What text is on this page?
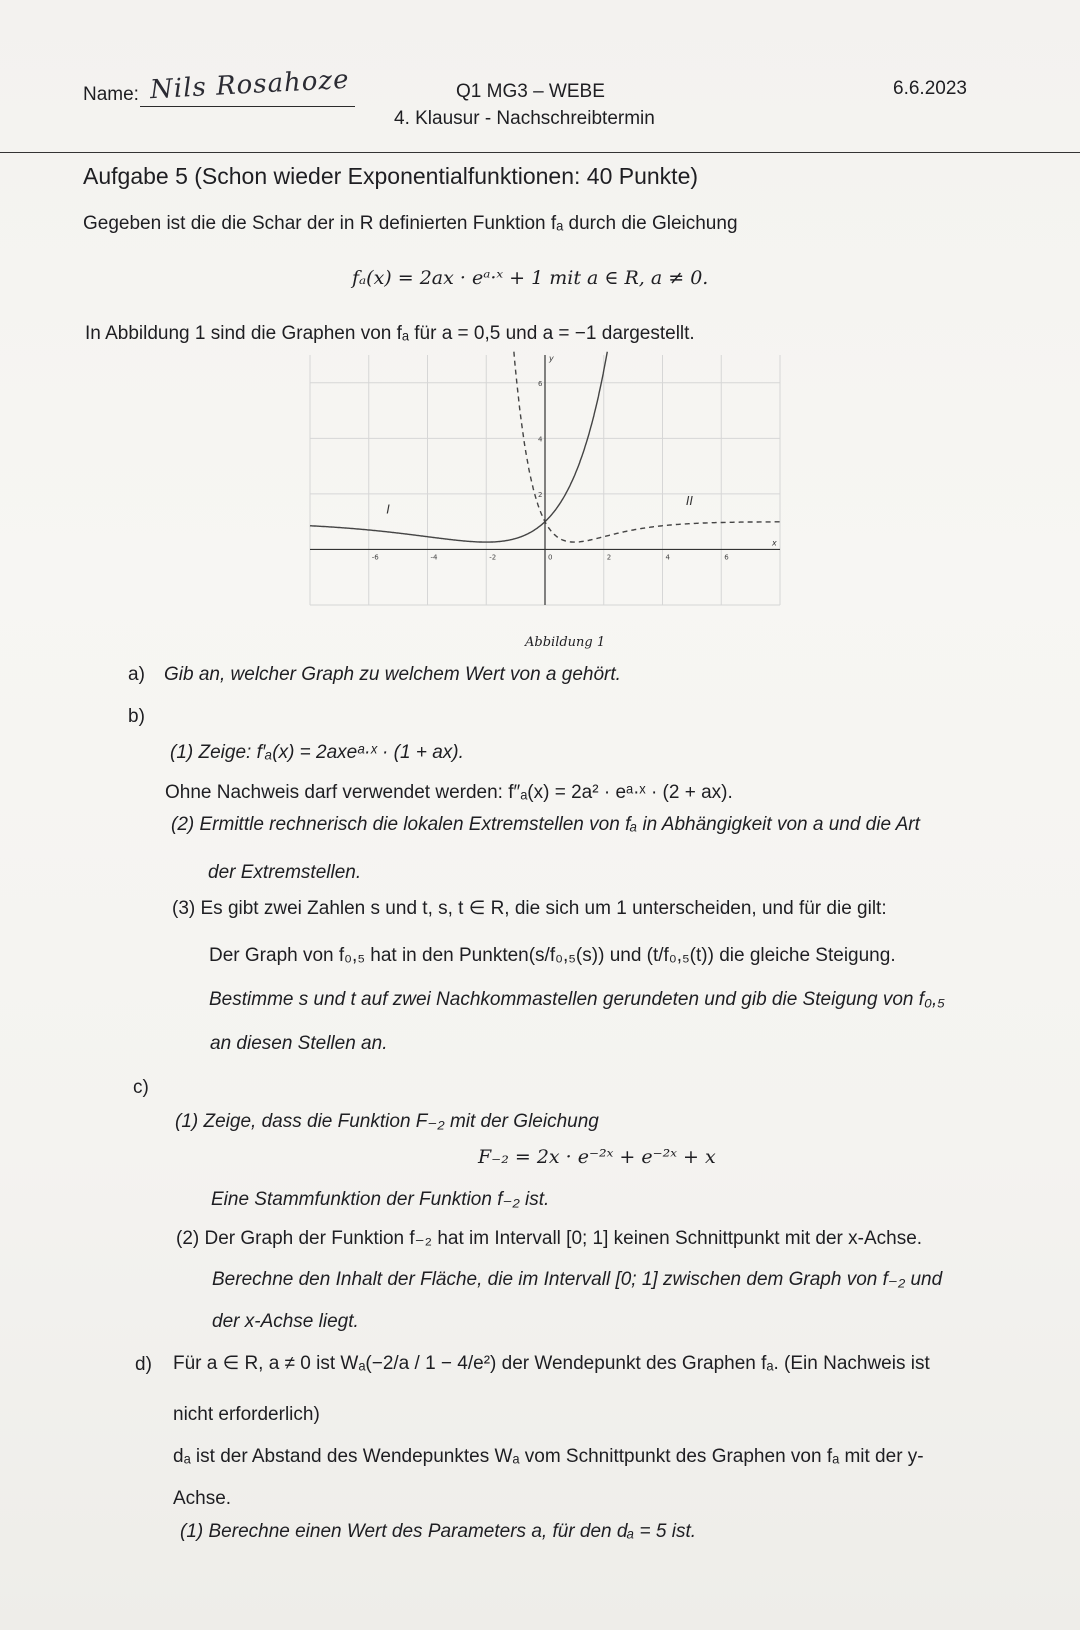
Name: Nils Rosahoze	Q1 MG3 – WEBE
4. Klausur - Nachschreibtermin
6.6.2023
Aufgabe 5 (Schon wieder Exponentialfunktionen: 40 Punkte)
Gegeben ist die die Schar der in R definierten Funktion fₐ durch die Gleichung
fₐ(x) = 2ax · eᵃ·ˣ + 1 mit a ∈ R, a ≠ 0.
In Abbildung 1 sind die Graphen von fₐ für a = 0,5 und a = −1 dargestellt.
-6	-4	-2	0	2	4	6
2
4
6
x
y
I
II
Abbildung 1
a) Gib an, welcher Graph zu welchem Wert von a gehört.
b)
(1) Zeige: f′ₐ(x) = 2axeᵃ·ˣ · (1 + ax).
Ohne Nachweis darf verwendet werden: f″ₐ(x) = 2a² · eᵃ·ˣ · (2 + ax).
(2) Ermittle rechnerisch die lokalen Extremstellen von fₐ in Abhängigkeit von a und die Art
der Extremstellen.
(3) Es gibt zwei Zahlen s und t, s, t ∈ R, die sich um 1 unterscheiden, und für die gilt:
Der Graph von f₀,₅ hat in den Punkten(s/f₀,₅(s)) und (t/f₀,₅(t)) die gleiche Steigung.
Bestimme s und t auf zwei Nachkommastellen gerundeten und gib die Steigung von f₀,₅
an diesen Stellen an.
c)
(1) Zeige, dass die Funktion F₋₂ mit der Gleichung
F₋₂ = 2x · e⁻²ˣ + e⁻²ˣ + x
Eine Stammfunktion der Funktion f₋₂ ist.
(2) Der Graph der Funktion f₋₂ hat im Intervall [0; 1] keinen Schnittpunkt mit der x-Achse.
Berechne den Inhalt der Fläche, die im Intervall [0; 1] zwischen dem Graph von f₋₂ und
der x-Achse liegt.
d) Für a ∈ R, a ≠ 0 ist Wₐ(−2/a / 1 − 4/e²) der Wendepunkt des Graphen fₐ. (Ein Nachweis ist
nicht erforderlich)
dₐ ist der Abstand des Wendepunktes Wₐ vom Schnittpunkt des Graphen von fₐ mit der y-
Achse.
(1) Berechne einen Wert des Parameters a, für den dₐ = 5 ist.
